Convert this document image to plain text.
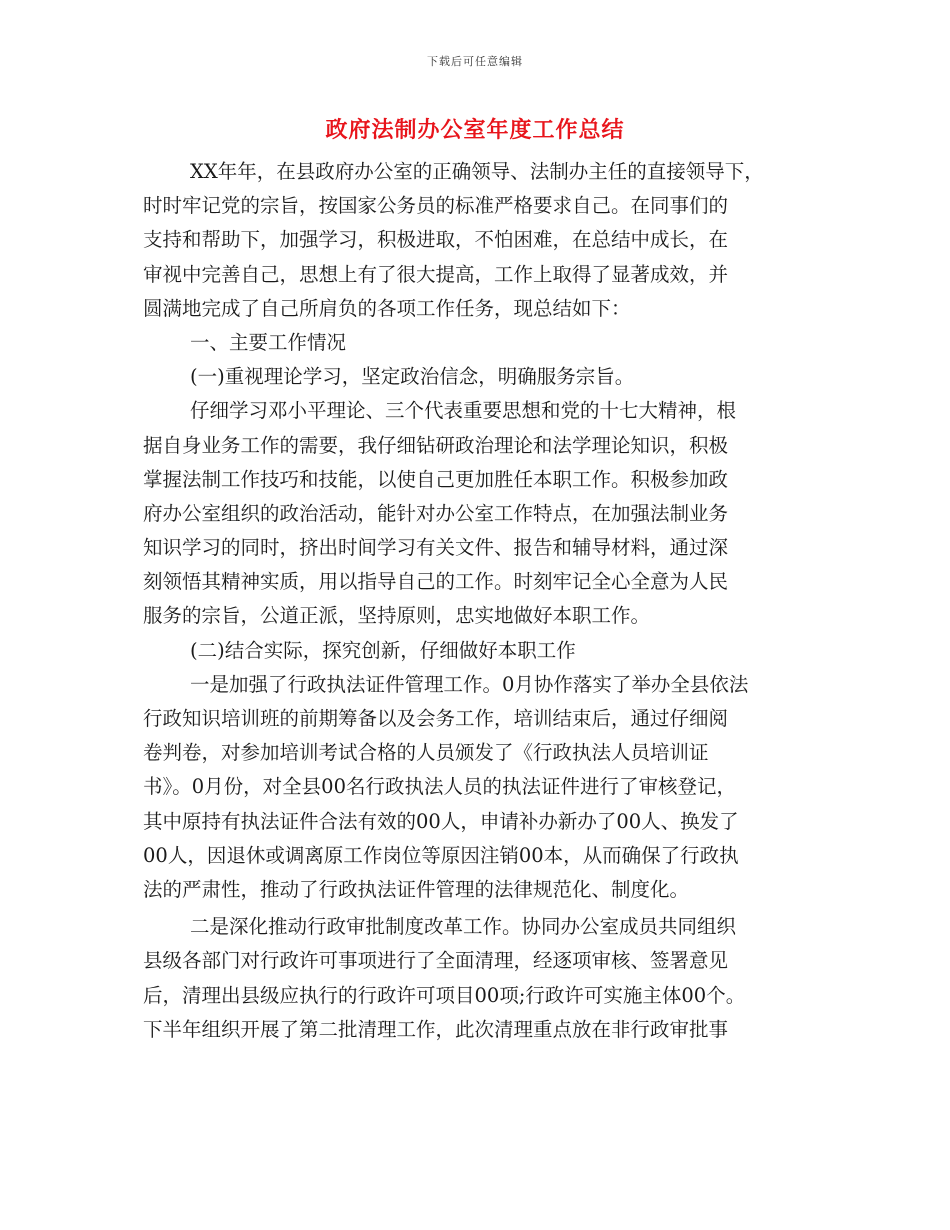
下载后可任意编辑
政府法制办公室年度工作总结
XX年年，在县政府办公室的正确领导、法制办主任的直接领导下，
时时牢记党的宗旨，按国家公务员的标准严格要求自己。在同事们的
支持和帮助下，加强学习，积极进取，不怕困难，在总结中成长，在
审视中完善自己，思想上有了很大提高，工作上取得了显著成效，并
圆满地完成了自己所肩负的各项工作任务，现总结如下：
一、主要工作情况
(一)重视理论学习，坚定政治信念，明确服务宗旨。
仔细学习邓小平理论、三个代表重要思想和党的十七大精神，根
据自身业务工作的需要，我仔细钻研政治理论和法学理论知识，积极
掌握法制工作技巧和技能，以使自己更加胜任本职工作。积极参加政
府办公室组织的政治活动，能针对办公室工作特点，在加强法制业务
知识学习的同时，挤出时间学习有关文件、报告和辅导材料，通过深
刻领悟其精神实质，用以指导自己的工作。时刻牢记全心全意为人民
服务的宗旨，公道正派，坚持原则，忠实地做好本职工作。
(二)结合实际，探究创新，仔细做好本职工作
一是加强了行政执法证件管理工作。0月协作落实了举办全县依法
行政知识培训班的前期筹备以及会务工作，培训结束后，通过仔细阅
卷判卷，对参加培训考试合格的人员颁发了《行政执法人员培训证
书》。0月份，对全县00名行政执法人员的执法证件进行了审核登记，
其中原持有执法证件合法有效的00人，申请补办新办了00人、换发了
00人，因退休或调离原工作岗位等原因注销00本，从而确保了行政执
法的严肃性，推动了行政执法证件管理的法律规范化、制度化。
二是深化推动行政审批制度改革工作。协同办公室成员共同组织
县级各部门对行政许可事项进行了全面清理，经逐项审核、签署意见
后，清理出县级应执行的行政许可项目00项;行政许可实施主体00个。
下半年组织开展了第二批清理工作，此次清理重点放在非行政审批事
